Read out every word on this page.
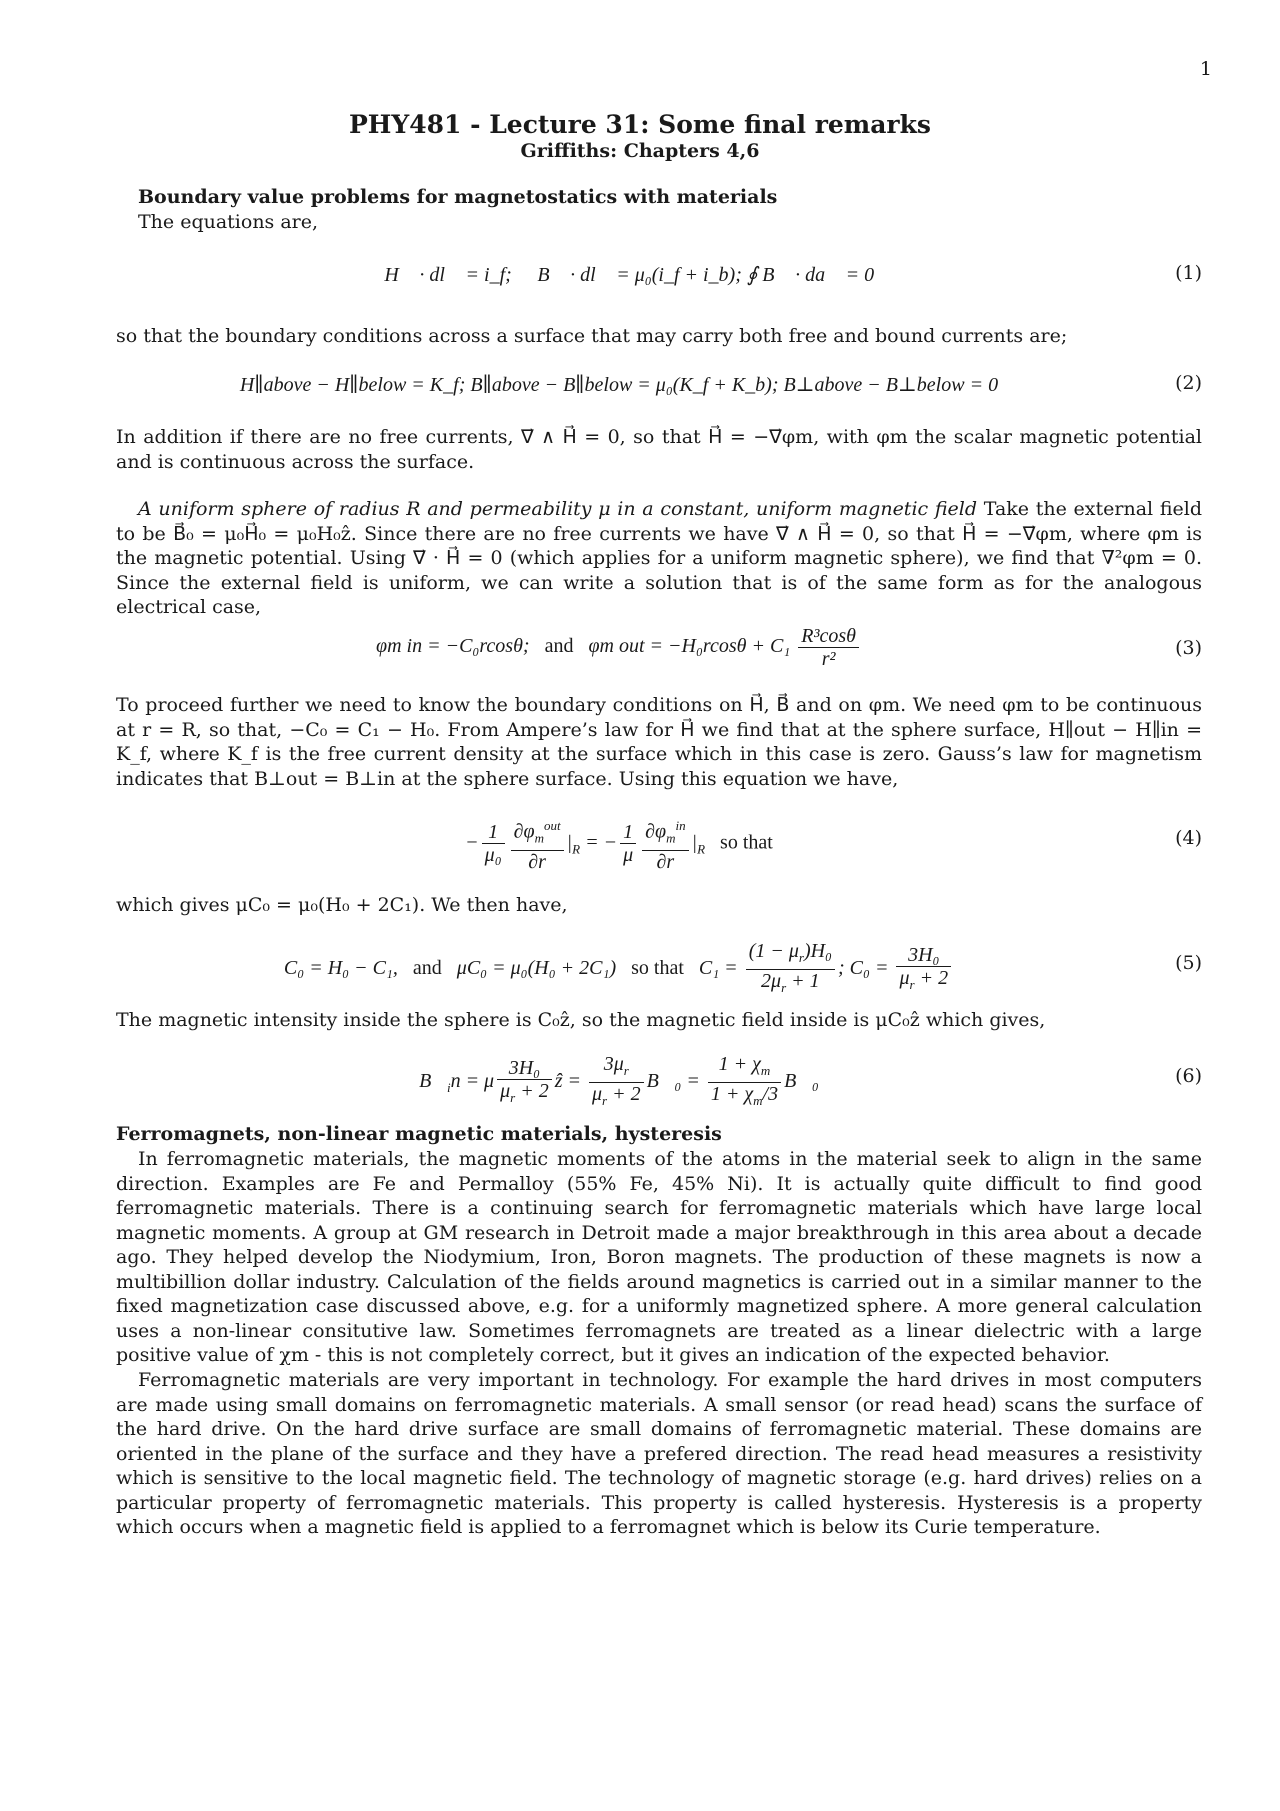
1
PHY481 - Lecture 31: Some final remarks
Griffiths: Chapters 4,6
Boundary value problems for magnetostatics with materials
The equations are,
∮ H⃗ · dl⃗ = i_f; ∮ B⃗ · dl⃗ = μ₀(i_f + i_b); ∮ B⃗ · da⃗ = 0	(1)
so that the boundary conditions across a surface that may carry both free and bound currents are;
H∥above − H∥below = K_f; B∥above − B∥below = μ₀(K_f + K_b); B⊥above − B⊥below = 0	(2)
In addition if there are no free currents, ∇⃗ ∧ H⃗ = 0, so that H⃗ = −∇⃗φm, with φm the scalar magnetic potential and is continuous across the surface.
A uniform sphere of radius R and permeability μ in a constant, uniform magnetic field Take the external field to be B⃗₀ = μ₀H⃗₀ = μ₀H₀ẑ. Since there are no free currents we have ∇⃗ ∧ H⃗ = 0, so that H⃗ = −∇⃗φm, where φm is the magnetic potential. Using ∇⃗ · H⃗ = 0 (which applies for a uniform magnetic sphere), we find that ∇²φm = 0. Since the external field is uniform, we can write a solution that is of the same form as for the analogous electrical case,
φm in = −C₀rcosθ; and φm out = $-H_0rcos\theta + C_1 \frac{\text{R³cosθ}}{\text{r²}}$	(3)
To proceed further we need to know the boundary conditions on H⃗, B⃗ and on φm. We need φm to be continuous at r = R, so that, −C₀ = C₁ − H₀. From Ampere’s law for H⃗ we find that at the sphere surface, H∥out − H∥in = K_f, where K_f is the free current density at the surface which in this case is zero. Gauss’s law for magnetism indicates that B⊥out = B⊥in at the sphere surface. Using this equation we have,
− $\frac{1}{\text{μ₀}} \frac{\partial\varphi_m^{out}}{\partial r} |_R$ = − $\frac{1}{\mu} \frac{\partial\varphi_m^{in}}{\partial r} |_R$ so that	(4)
which gives μC₀ = μ₀(H₀ + 2C₁). We then have,
C₀ = H₀ − C₁, and μC₀ = μ₀(H₀ + 2C₁) so that   $C_1 = \frac{(1 - \mu_r)H_0}{2\mu_r + 1}$ ; $C_0 = \frac{\text{3H₀}}{\mu_r + 2}$	(5)
The magnetic intensity inside the sphere is C₀ẑ, so the magnetic field inside is μC₀ẑ which gives,
$B⃗_in = \mu \frac{\text{3H₀}}{\mu_r + 2}$ ẑ = $\frac{3\mu_r}{\mu_r + 2}$ B⃗₀ = $\frac{1 + \chi_m}{1 + \chi_m/3}$ B⃗₀	(6)
Ferromagnets, non-linear magnetic materials, hysteresis
In ferromagnetic materials, the magnetic moments of the atoms in the material seek to align in the same direction. Examples are Fe and Permalloy (55% Fe, 45% Ni). It is actually quite difficult to find good ferromagnetic materials. There is a continuing search for ferromagnetic materials which have large local magnetic moments. A group at GM research in Detroit made a major breakthrough in this area about a decade ago. They helped develop the Niodymium, Iron, Boron magnets. The production of these magnets is now a multibillion dollar industry. Calculation of the fields around magnetics is carried out in a similar manner to the fixed magnetization case discussed above, e.g. for a uniformly magnetized sphere. A more general calculation uses a non-linear consitutive law. Sometimes ferromagnets are treated as a linear dielectric with a large positive value of χm - this is not completely correct, but it gives an indication of the expected behavior.
Ferromagnetic materials are very important in technology. For example the hard drives in most computers are made using small domains on ferromagnetic materials. A small sensor (or read head) scans the surface of the hard drive. On the hard drive surface are small domains of ferromagnetic material. These domains are oriented in the plane of the surface and they have a prefered direction. The read head measures a resistivity which is sensitive to the local magnetic field. The technology of magnetic storage (e.g. hard drives) relies on a particular property of ferromagnetic materials. This property is called hysteresis. Hysteresis is a property which occurs when a magnetic field is applied to a ferromagnet which is below its Curie temperature.
